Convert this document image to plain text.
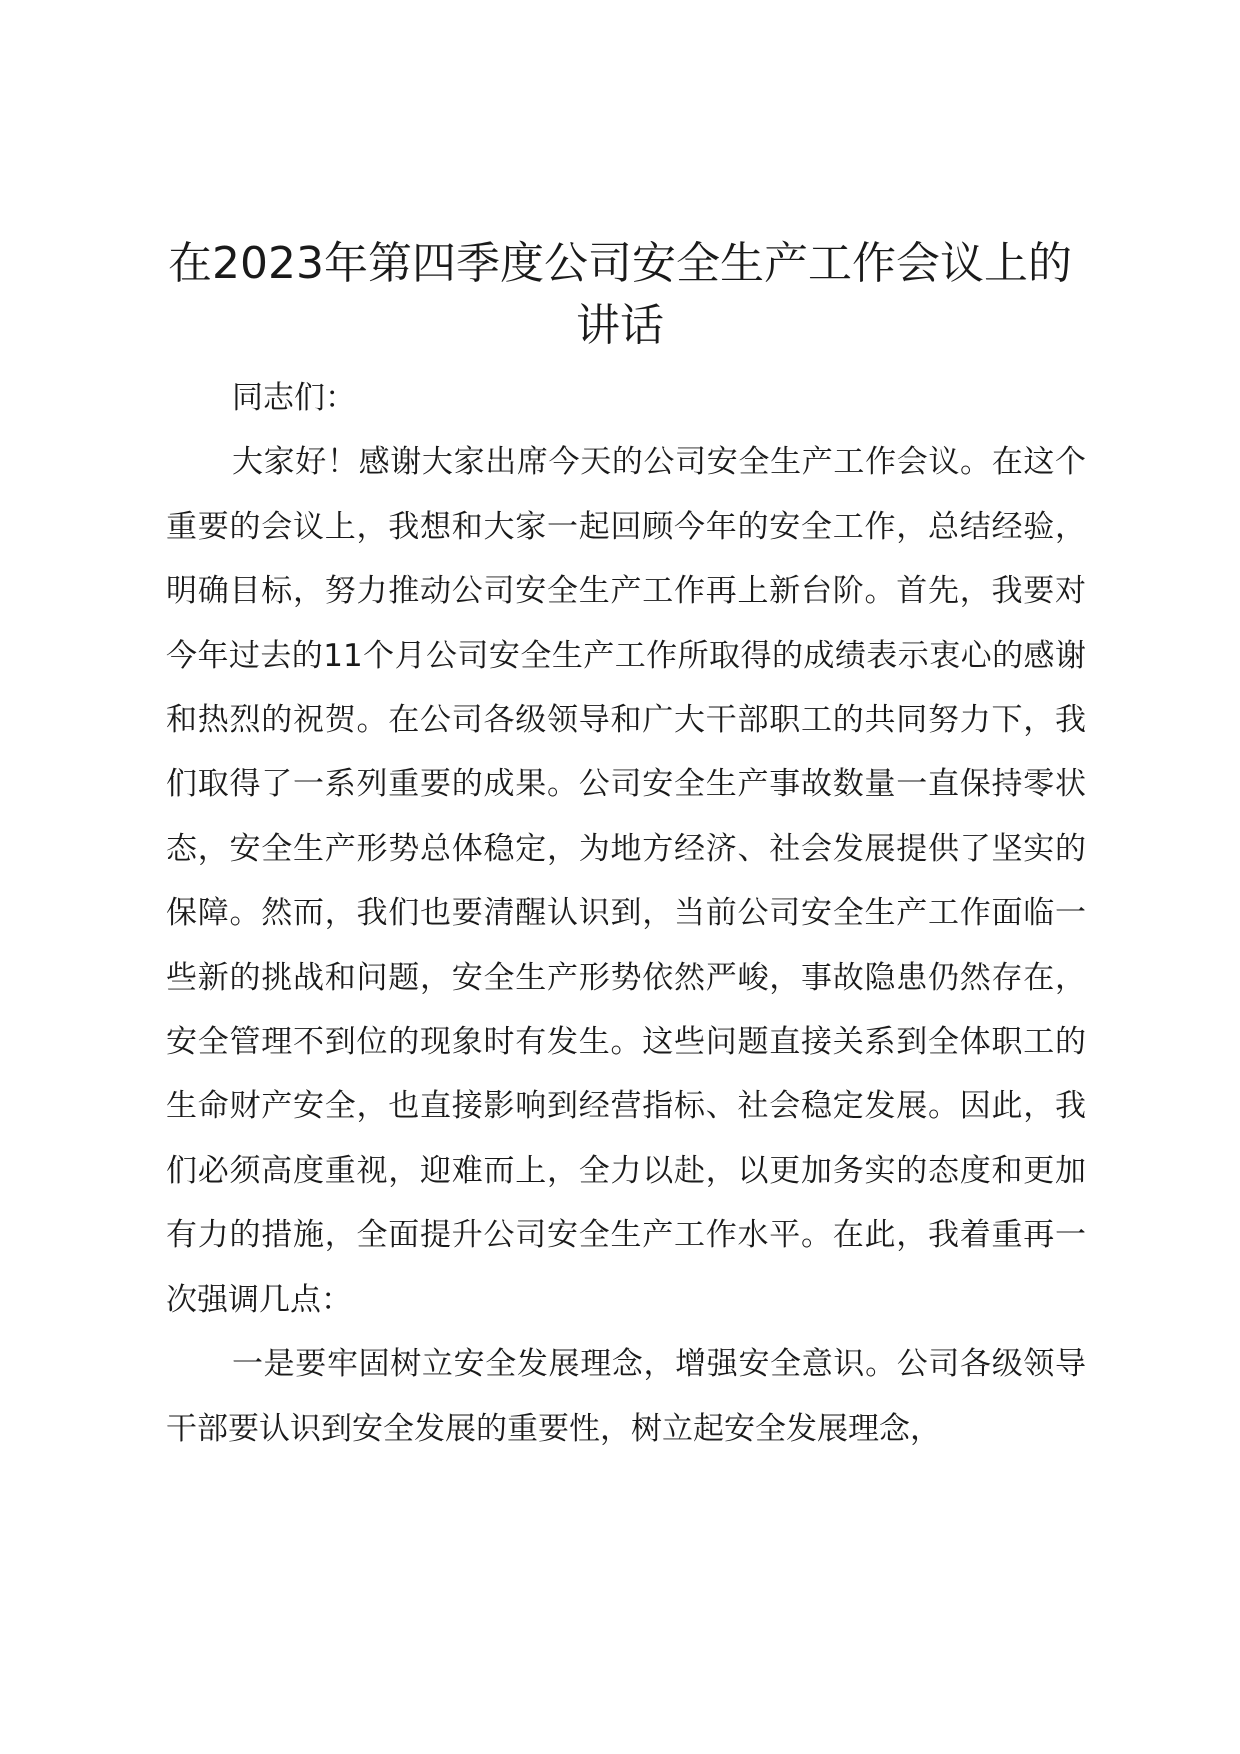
在2023年第四季度公司安全生产工作会议上的讲话

同志们：

大家好！感谢大家出席今天的公司安全生产工作会议。在这个重要的会议上，我想和大家一起回顾今年的安全工作，总结经验，明确目标，努力推动公司安全生产工作再上新台阶。首先，我要对今年过去的11个月公司安全生产工作所取得的成绩表示衷心的感谢和热烈的祝贺。在公司各级领导和广大干部职工的共同努力下，我们取得了一系列重要的成果。公司安全生产事故数量一直保持零状态，安全生产形势总体稳定，为地方经济、社会发展提供了坚实的保障。然而，我们也要清醒认识到，当前公司安全生产工作面临一些新的挑战和问题，安全生产形势依然严峻，事故隐患仍然存在，安全管理不到位的现象时有发生。这些问题直接关系到全体职工的生命财产安全，也直接影响到经营指标、社会稳定发展。因此，我们必须高度重视，迎难而上，全力以赴，以更加务实的态度和更加有力的措施，全面提升公司安全生产工作水平。在此，我着重再一次强调几点：

一是要牢固树立安全发展理念，增强安全意识。公司各级领导干部要认识到安全发展的重要性，树立起安全发展理念，
